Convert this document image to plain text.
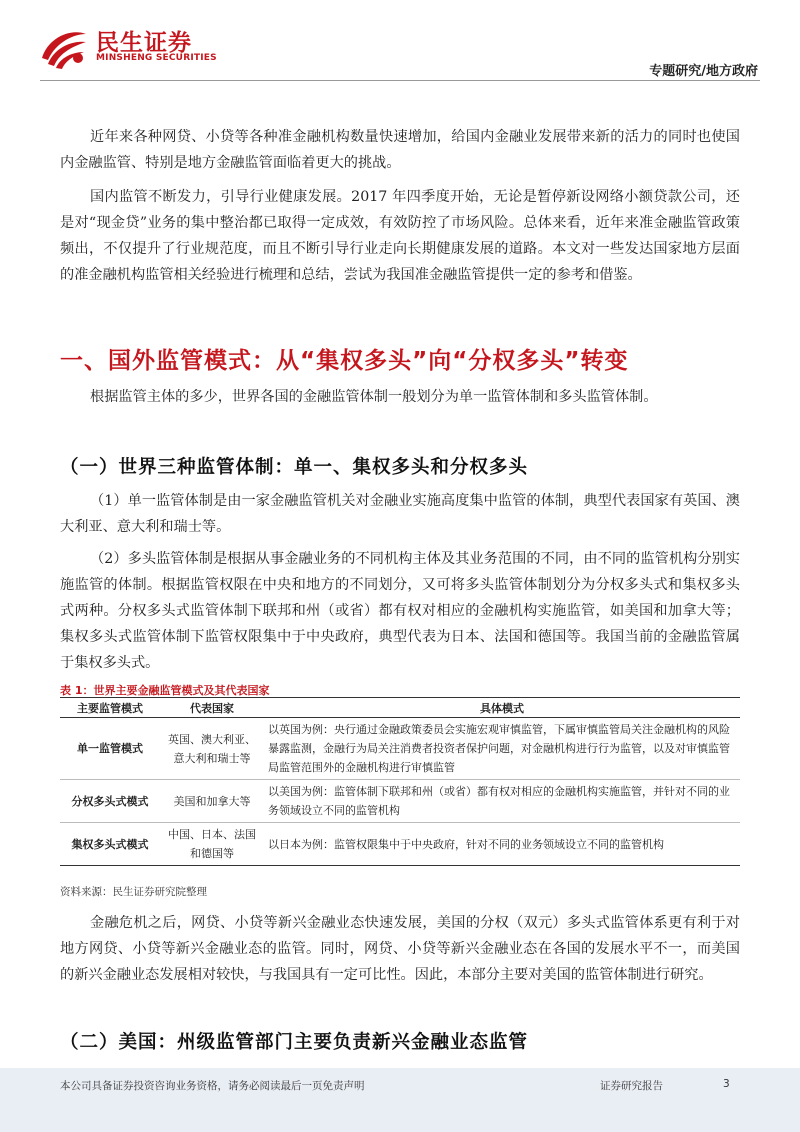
民生证券
MINSHENG SECURITIES
专题研究/地方政府

近年来各种网贷、小贷等各种准金融机构数量快速增加，给国内金融业发展带来新的活力的同时也使国内金融监管、特别是地方金融监管面临着更大的挑战。

国内监管不断发力，引导行业健康发展。2017 年四季度开始，无论是暂停新设网络小额贷款公司，还是对“现金贷”业务的集中整治都已取得一定成效，有效防控了市场风险。总体来看，近年来准金融监管政策频出，不仅提升了行业规范度，而且不断引导行业走向长期健康发展的道路。本文对一些发达国家地方层面的准金融机构监管相关经验进行梳理和总结，尝试为我国准金融监管提供一定的参考和借鉴。

一、国外监管模式：从“集权多头”向“分权多头”转变

根据监管主体的多少，世界各国的金融监管体制一般划分为单一监管体制和多头监管体制。

（一）世界三种监管体制：单一、集权多头和分权多头

（1）单一监管体制是由一家金融监管机关对金融业实施高度集中监管的体制，典型代表国家有英国、澳大利亚、意大利和瑞士等。

（2）多头监管体制是根据从事金融业务的不同机构主体及其业务范围的不同，由不同的监管机构分别实施监管的体制。根据监管权限在中央和地方的不同划分，又可将多头监管体制划分为分权多头式和集权多头式两种。分权多头式监管体制下联邦和州（或省）都有权对相应的金融机构实施监管，如美国和加拿大等；集权多头式监管体制下监管权限集中于中央政府，典型代表为日本、法国和德国等。我国当前的金融监管属于集权多头式。

表 1：世界主要金融监管模式及其代表国家
主要监管模式	代表国家	具体模式
单一监管模式	英国、澳大利亚、意大利和瑞士等	以英国为例：央行通过金融政策委员会实施宏观审慎监管，下属审慎监管局关注金融机构的风险暴露监测，金融行为局关注消费者投资者保护问题，对金融机构进行行为监管，以及对审慎监管局监管范围外的金融机构进行审慎监管
分权多头式模式	美国和加拿大等	以美国为例：监管体制下联邦和州（或省）都有权对相应的金融机构实施监管，并针对不同的业务领域设立不同的监管机构
集权多头式模式	中国、日本、法国和德国等	以日本为例：监管权限集中于中央政府，针对不同的业务领域设立不同的监管机构
资料来源：民生证券研究院整理

金融危机之后，网贷、小贷等新兴金融业态快速发展，美国的分权（双元）多头式监管体系更有利于对地方网贷、小贷等新兴金融业态的监管。同时，网贷、小贷等新兴金融业态在各国的发展水平不一，而美国的新兴金融业态发展相对较快，与我国具有一定可比性。因此，本部分主要对美国的监管体制进行研究。

（二）美国：州级监管部门主要负责新兴金融业态监管
本公司具备证券投资咨询业务资格，请务必阅读最后一页免责声明	证券研究报告	3
